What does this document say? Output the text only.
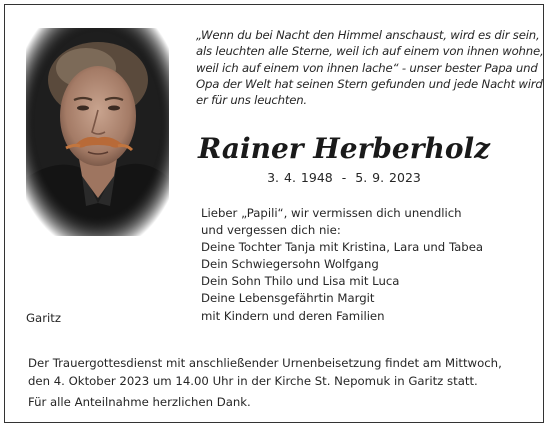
„Wenn du bei Nacht den Himmel anschaust, wird es dir sein,
als leuchten alle Sterne, weil ich auf einem von ihnen wohne,
weil ich auf einem von ihnen lache“ - unser bester Papa und
Opa der Welt hat seinen Stern gefunden und jede Nacht wird
er für uns leuchten.

Rainer Herberholz

3. 4. 1948 - 5. 9. 2023

Lieber „Papili“, wir vermissen dich unendlich
und vergessen dich nie:
Deine Tochter Tanja mit Kristina, Lara und Tabea
Dein Schwiegersohn Wolfgang
Dein Sohn Thilo und Lisa mit Luca
Deine Lebensgefährtin Margit
mit Kindern und deren Familien

Garitz

Der Trauergottesdienst mit anschließender Urnenbeisetzung findet am Mittwoch,
den 4. Oktober 2023 um 14.00 Uhr in der Kirche St. Nepomuk in Garitz statt.

Für alle Anteilnahme herzlichen Dank.
